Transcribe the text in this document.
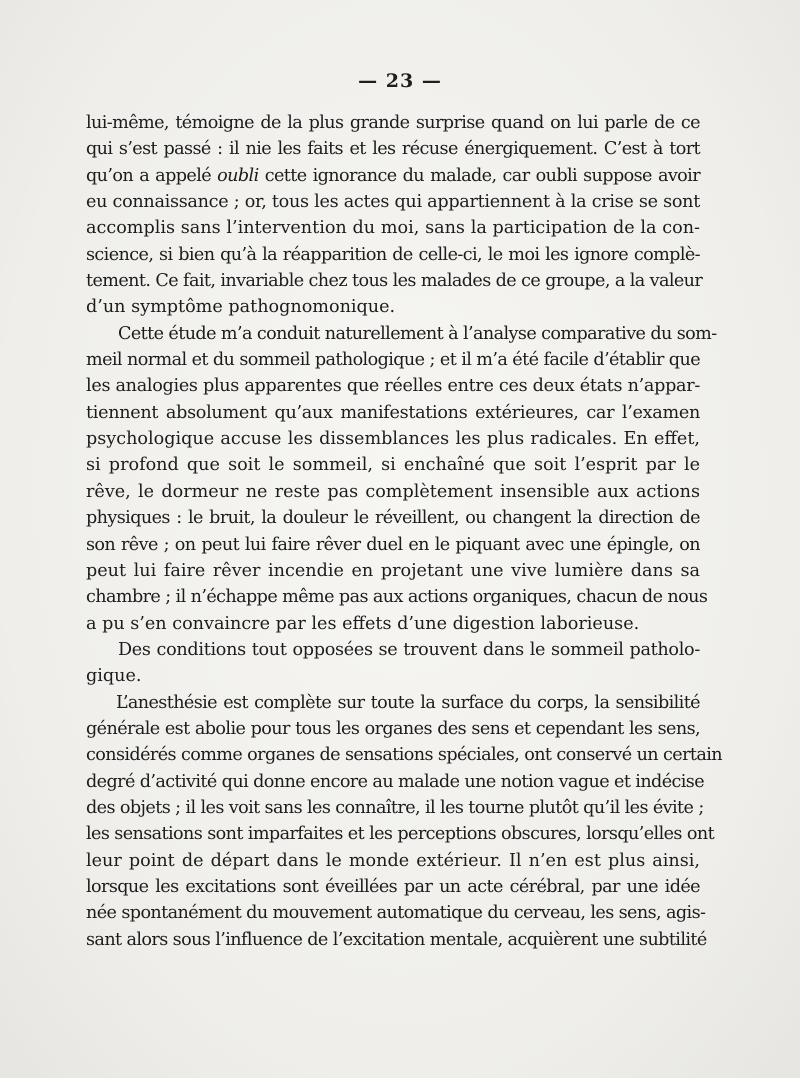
— 23 —
lui-même, témoigne de la plus grande surprise quand on lui parle de ce
qui s’est passé : il nie les faits et les récuse énergiquement. C’est à tort
qu’on a appelé oubli cette ignorance du malade, car oubli suppose avoir
eu connaissance ; or, tous les actes qui appartiennent à la crise se sont
accomplis sans l’intervention du moi, sans la participation de la con-
science, si bien qu’à la réapparition de celle-ci, le moi les ignore complè-
tement. Ce fait, invariable chez tous les malades de ce groupe, a la valeur
d’un symptôme pathognomonique.
Cette étude m’a conduit naturellement à l’analyse comparative du som-
meil normal et du sommeil pathologique ; et il m’a été facile d’établir que
les analogies plus apparentes que réelles entre ces deux états n’appar-
tiennent absolument qu’aux manifestations extérieures, car l’examen
psychologique accuse les dissemblances les plus radicales. En effet,
si profond que soit le sommeil, si enchaîné que soit l’esprit par le
rêve, le dormeur ne reste pas complètement insensible aux actions
physiques : le bruit, la douleur le réveillent, ou changent la direction de
son rêve ; on peut lui faire rêver duel en le piquant avec une épingle, on
peut lui faire rêver incendie en projetant une vive lumière dans sa
chambre ; il n’échappe même pas aux actions organiques, chacun de nous
a pu s’en convaincre par les effets d’une digestion laborieuse.
Des conditions tout opposées se trouvent dans le sommeil patholo-
gique.
L’anesthésie est complète sur toute la surface du corps, la sensibilité
générale est abolie pour tous les organes des sens et cependant les sens,
considérés comme organes de sensations spéciales, ont conservé un certain
degré d’activité qui donne encore au malade une notion vague et indécise
des objets ; il les voit sans les connaître, il les tourne plutôt qu’il les évite ;
les sensations sont imparfaites et les perceptions obscures, lorsqu’elles ont
leur point de départ dans le monde extérieur. Il n’en est plus ainsi,
lorsque les excitations sont éveillées par un acte cérébral, par une idée
née spontanément du mouvement automatique du cerveau, les sens, agis-
sant alors sous l’influence de l’excitation mentale, acquièrent une subtilité
